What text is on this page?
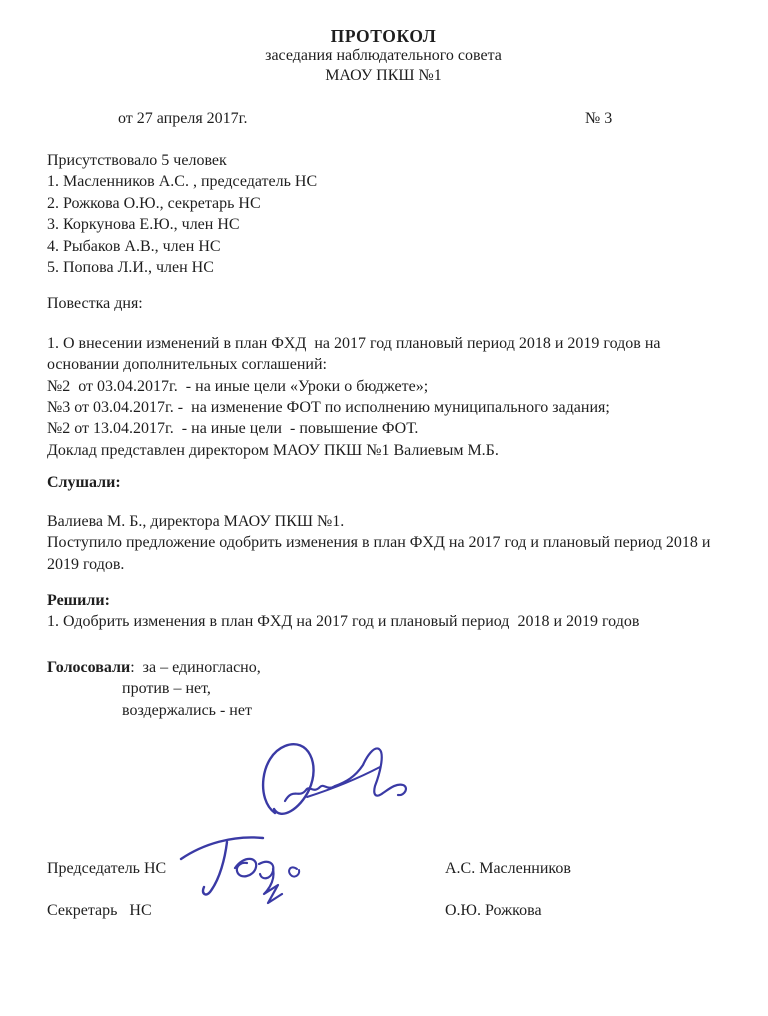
ПРОТОКОЛ
заседания наблюдательного совета
МАОУ ПКШ №1
от 27 апреля 2017г.	№ 3
Присутствовало 5 человек
1. Масленников А.С. , председатель НС
2. Рожкова О.Ю., секретарь НС
3. Коркунова Е.Ю., член НС
4. Рыбаков А.В., член НС
5. Попова Л.И., член НС
Повестка дня:

1. О внесении изменений в план ФХД  на 2017 год плановый период 2018 и 2019 годов на основании дополнительных соглашений:

№2  от 03.04.2017г.  - на иные цели «Уроки о бюджете»;
№3 от 03.04.2017г. -  на изменение ФОТ по исполнению муниципального задания;
№2 от 13.04.2017г.  - на иные цели  - повышение ФОТ.
Доклад представлен директором МАОУ ПКШ №1 Валиевым М.Б.
Слушали:
Валиева М. Б., директора МАОУ ПКШ №1.

Поступило предложение одобрить изменения в план ФХД на 2017 год и плановый период 2018 и 2019 годов.

Решили:
1. Одобрить изменения в план ФХД на 2017 год и плановый период  2018 и 2019 годов
Голосовали:  за – единогласно,
против – нет,
воздержались - нет
Председатель НС	А.С. Масленников
Секретарь   НС	О.Ю. Рожкова
